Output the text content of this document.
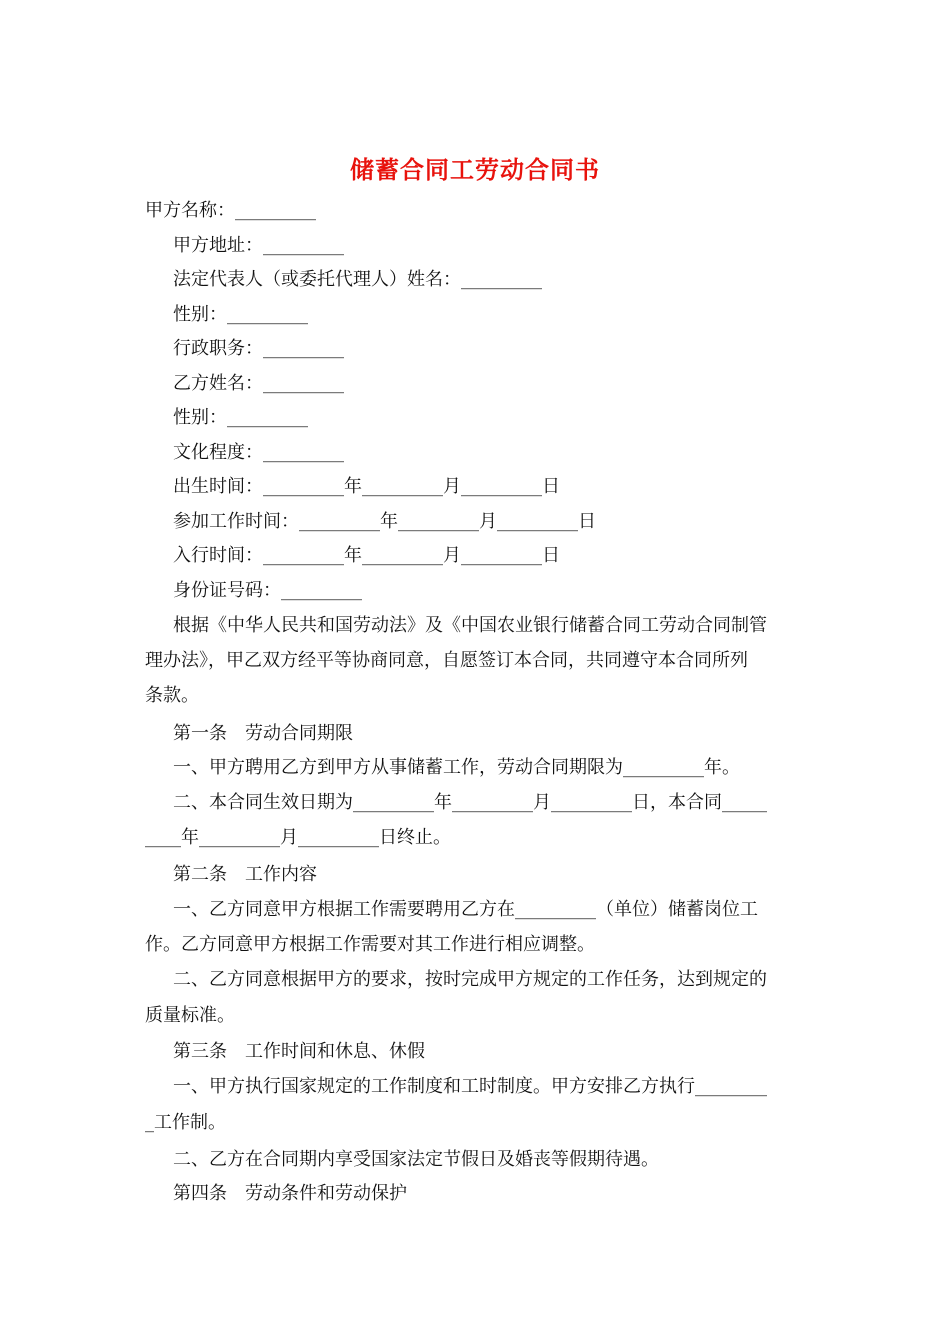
储蓄合同工劳动合同书
甲方名称：_________
甲方地址：_________
法定代表人（或委托代理人）姓名：_________
性别：_________
行政职务：_________
乙方姓名：_________
性别：_________
文化程度：_________
出生时间：_________年_________月_________日
参加工作时间：_________年_________月_________日
入行时间：_________年_________月_________日
身份证号码：_________
根据《中华人民共和国劳动法》及《中国农业银行储蓄合同工劳动合同制管
理办法》，甲乙双方经平等协商同意，自愿签订本合同，共同遵守本合同所列
条款。
第一条　劳动合同期限
一、甲方聘用乙方到甲方从事储蓄工作，劳动合同期限为_________年。
二、本合同生效日期为_________年_________月_________日，本合同_____
____年_________月_________日终止。
第二条　工作内容
一、乙方同意甲方根据工作需要聘用乙方在_________（单位）储蓄岗位工
作。乙方同意甲方根据工作需要对其工作进行相应调整。
二、乙方同意根据甲方的要求，按时完成甲方规定的工作任务，达到规定的
质量标准。
第三条　工作时间和休息、休假
一、甲方执行国家规定的工作制度和工时制度。甲方安排乙方执行________
_工作制。
二、乙方在合同期内享受国家法定节假日及婚丧等假期待遇。
第四条　劳动条件和劳动保护
